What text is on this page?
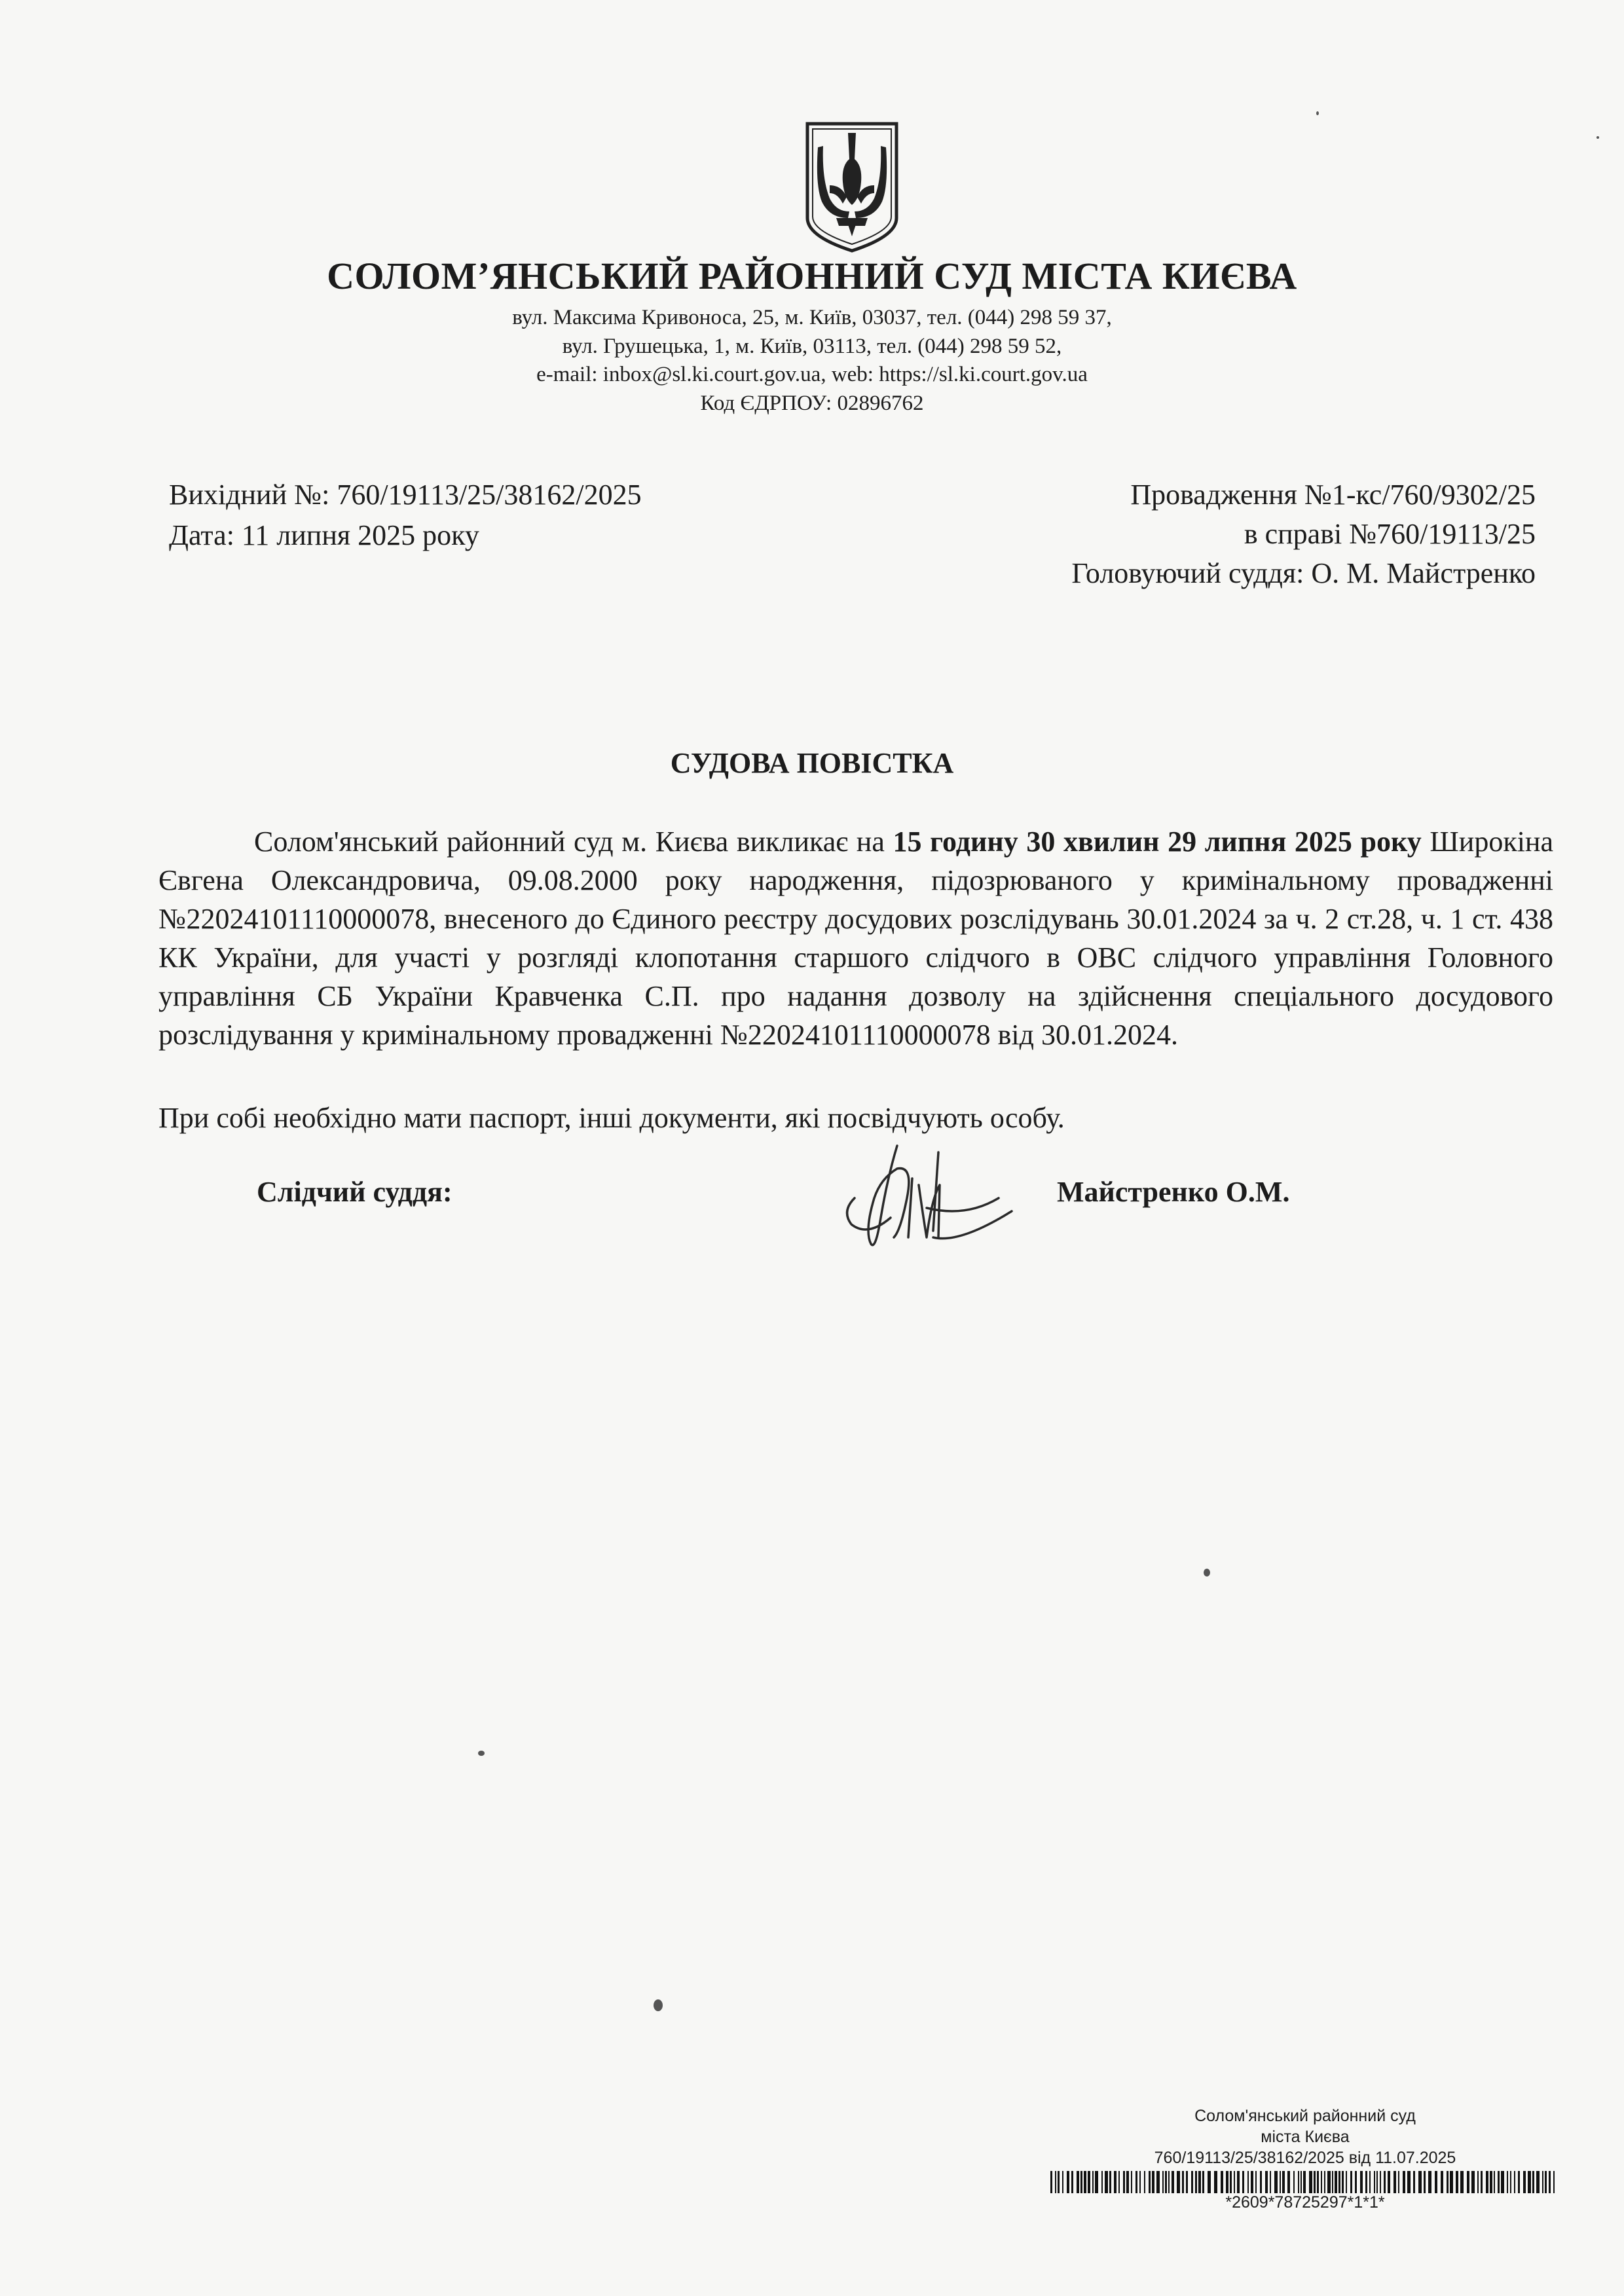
СОЛОМ’ЯНСЬКИЙ РАЙОННИЙ СУД МІСТА КИЄВА
вул. Максима Кривоноса, 25, м. Київ, 03037, тел. (044) 298 59 37,
вул. Грушецька, 1, м. Київ, 03113, тел. (044) 298 59 52,
e-mail: inbox@sl.ki.court.gov.ua, web: https://sl.ki.court.gov.ua
Код ЄДРПОУ: 02896762
Вихідний №: 760/19113/25/38162/2025
Дата: 11 липня 2025 року
Провадження №1-кс/760/9302/25
в справі №760/19113/25
Головуючий суддя: О. М. Майстренко
СУДОВА ПОВІСТКА
Солом'янський районний суд м. Києва викликає на 15 годину 30 хвилин 29 липня 2025 року Широкіна Євгена Олександровича, 09.08.2000 року народження, підозрюваного у кримінальному провадженні №22024101110000078, внесеного до Єдиного реєстру досудових розслідувань 30.01.2024 за ч. 2 ст.28, ч. 1 ст. 438 КК України, для участі у розгляді клопотання старшого слідчого в ОВС слідчого управління Головного управління СБ України Кравченка С.П. про надання дозволу на здійснення спеціального досудового розслідування у кримінальному провадженні №22024101110000078 від 30.01.2024.
При собі необхідно мати паспорт, інші документи, які посвідчують особу.
Слідчий суддя:	Майстренко О.М.
Солом'янський районний суд
міста Києва
760/19113/25/38162/2025 від 11.07.2025
*2609*78725297*1*1*
